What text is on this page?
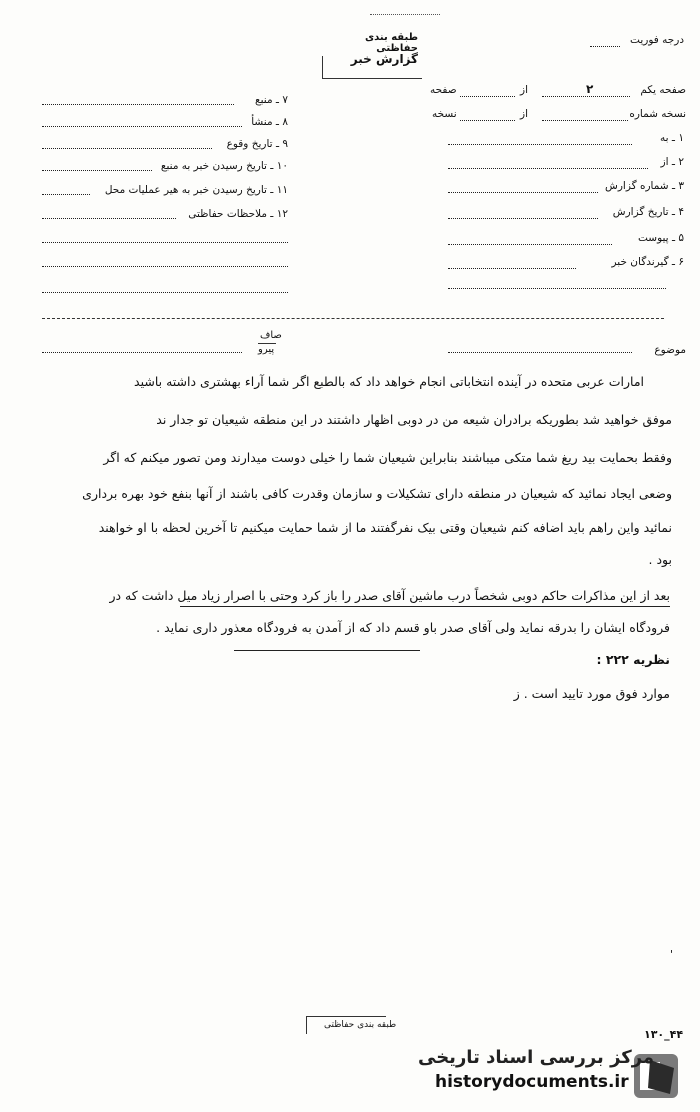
طبقه بندی حفاظتی
گزارش خبر
درجه فوریت
صفحه یکم
۲
از
صفحه
نسخه شماره
از
نسخه
۱ ـ به
۲ ـ از
۳ ـ شماره گزارش
۴ ـ تاریخ گزارش
۵ ـ پیوست
۶ ـ گیرندگان خبر
۷ ـ منبع
۸ ـ منشأ
۹ ـ تاریخ وقوع
۱۰ ـ تاریخ رسیدن خبر به منبع
۱۱ ـ تاریخ رسیدن خبر به هیر عملیات محل
۱۲ ـ ملاحظات حفاظتی
موضوع
صاف
پیرو
امارات عربی متحده در آینده انتخاباتی انجام خواهد داد که بالطبع اگر شما آراء بهشتری داشته باشید
موفق خواهید شد بطوریکه برادران شیعه من در دوبی اظهار داشتند در این منطقه شیعیان تو جدار ند
وفقط بحمایت بید ریغ شما متکی میباشند بنابراین شیعیان شما را خیلی دوست میدارند ومن تصور میکنم که اگر
وضعی ایجاد نمائید که شیعیان در منطقه دارای تشکیلات و سازمان وقدرت کافی باشند از آنها بنفع خود بهره برداری
نمائید واین راهم باید اضافه کنم شیعیان وقتی بیک نفرگفتند ما از شما حمایت میکنیم تا آخرین لحظه با او خواهند
بود .
بعد از این مذاکرات حاکم دوبی شخصاً درب ماشین آقای صدر را باز کرد وحتی با اصرار زیاد میل داشت که در
فرودگاه ایشان را بدرقه نماید ولی آقای صدر باو قسم داد که از آمدن به فرودگاه معذور داری نماید .
نظریه ۲۲۲ :
موارد فوق مورد تایید است . ز
'
طبقه بندی حفاظتی
۴۴_۱۳۰
مرکز بررسی اسناد تاریخی
historydocuments.ir
